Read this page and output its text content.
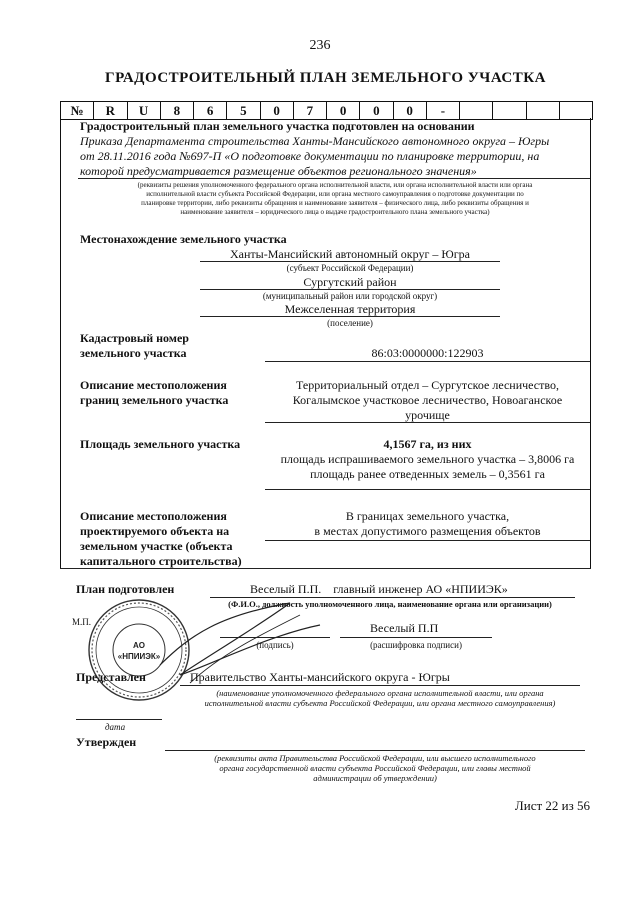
236
ГРАДОСТРОИТЕЛЬНЫЙ ПЛАН ЗЕМЕЛЬНОГО УЧАСТКА
№	R	U	8	6	5	0	7	0	0	0	-
Градостроительный план земельного участка подготовлен на основании
Приказа Департамента строительства Ханты-Мансийского автономного округа – Югры
от 28.11.2016 года №697-П «О подготовке документации по планировке территории, на
которой предусматривается размещение объектов регионального значения»
(реквизиты решения уполномоченного федерального органа исполнительной власти, или органа исполнительной власти или органа
исполнительной власти субъекта Российской Федерации, или органа местного самоуправления о подготовке документации по
планировке территории, либо реквизиты обращения и наименование заявителя – физического лица, либо реквизиты обращения и
наименование заявителя – юридического лица о выдаче градостроительного плана земельного участка)
Местонахождение земельного участка
Ханты-Мансийский автономный округ – Югра
(субъект Российской Федерации)
Сургутский район
(муниципальный район или городской округ)
Межселенная территория
(поселение)
Кадастровый номер
земельного участка	86:03:0000000:122903
Описание местоположения
границ земельного участка
Территориальный отдел – Сургутское лесничество,
Когалымское участковое лесничество, Новоаганское
урочище
Площадь земельного участка	4,1567 га, из них
площадь испрашиваемого земельного участка – 3,8006 га
площадь ранее отведенных земель – 0,3561 га
Описание местоположения
проектируемого объекта на
земельном участке (объекта
капитального строительства)
В границах земельного участка,
в местах допустимого размещения объектов
План подготовлен	Веселый П.П.    главный инженер АО «НПИИЭК»
(Ф.И.О., должность уполномоченного лица, наименование органа или организации)
М.П.	Веселый П.П
(подпись)	(расшифровка подписи)
АО
«НПИИЭК»
Представлен	Правительство Ханты-мансийского округа - Югры
(наименование уполномоченного федерального органа исполнительной власти, или органа
исполнительной власти субъекта Российской Федерации, или органа местного самоуправления)
дата
Утвержден
(реквизиты акта Правительства Российской Федерации, или высшего исполнительного
органа государственной власти субъекта Российской Федерации, или главы местной
администрации об утверждении)
Лист 22 из 56
